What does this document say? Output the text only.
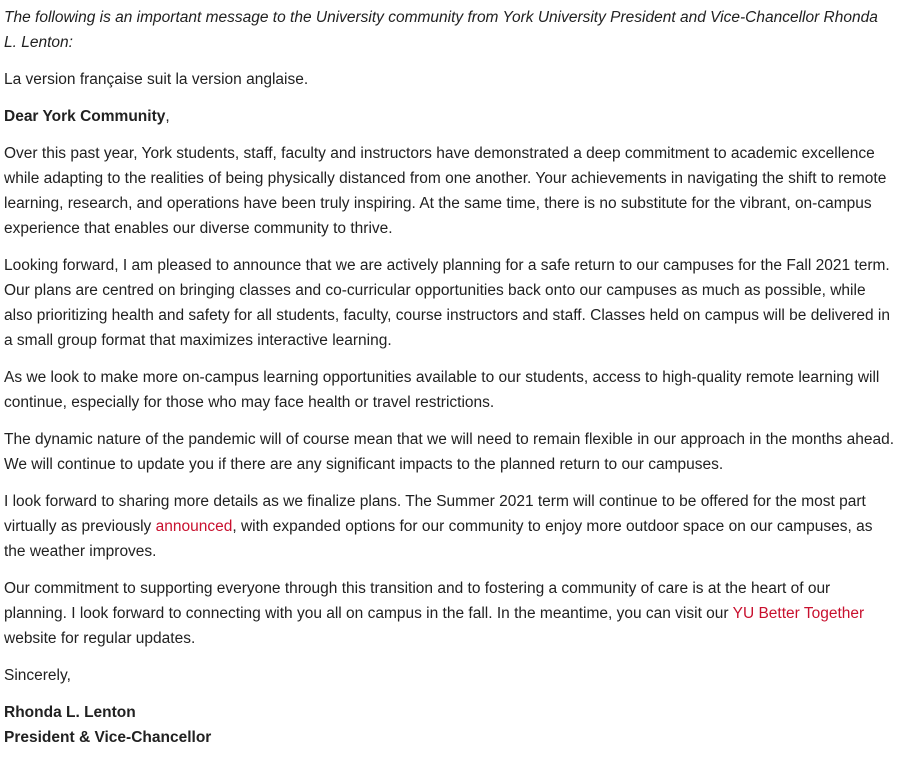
The following is an important message to the University community from York University President and Vice-Chancellor Rhonda L. Lenton:

La version française suit la version anglaise.

Dear York Community,

Over this past year, York students, staff, faculty and instructors have demonstrated a deep commitment to academic excellence while adapting to the realities of being physically distanced from one another. Your achievements in navigating the shift to remote learning, research, and operations have been truly inspiring. At the same time, there is no substitute for the vibrant, on-campus experience that enables our diverse community to thrive.

Looking forward, I am pleased to announce that we are actively planning for a safe return to our campuses for the Fall 2021 term. Our plans are centred on bringing classes and co-curricular opportunities back onto our campuses as much as possible, while also prioritizing health and safety for all students, faculty, course instructors and staff. Classes held on campus will be delivered in a small group format that maximizes interactive learning.

As we look to make more on-campus learning opportunities available to our students, access to high-quality remote learning will continue, especially for those who may face health or travel restrictions.

The dynamic nature of the pandemic will of course mean that we will need to remain flexible in our approach in the months ahead. We will continue to update you if there are any significant impacts to the planned return to our campuses.

I look forward to sharing more details as we finalize plans. The Summer 2021 term will continue to be offered for the most part virtually as previously announced, with expanded options for our community to enjoy more outdoor space on our campuses, as the weather improves.

Our commitment to supporting everyone through this transition and to fostering a community of care is at the heart of our planning. I look forward to connecting with you all on campus in the fall. In the meantime, you can visit our YU Better Together website for regular updates.

Sincerely,

Rhonda L. Lenton
President & Vice-Chancellor
